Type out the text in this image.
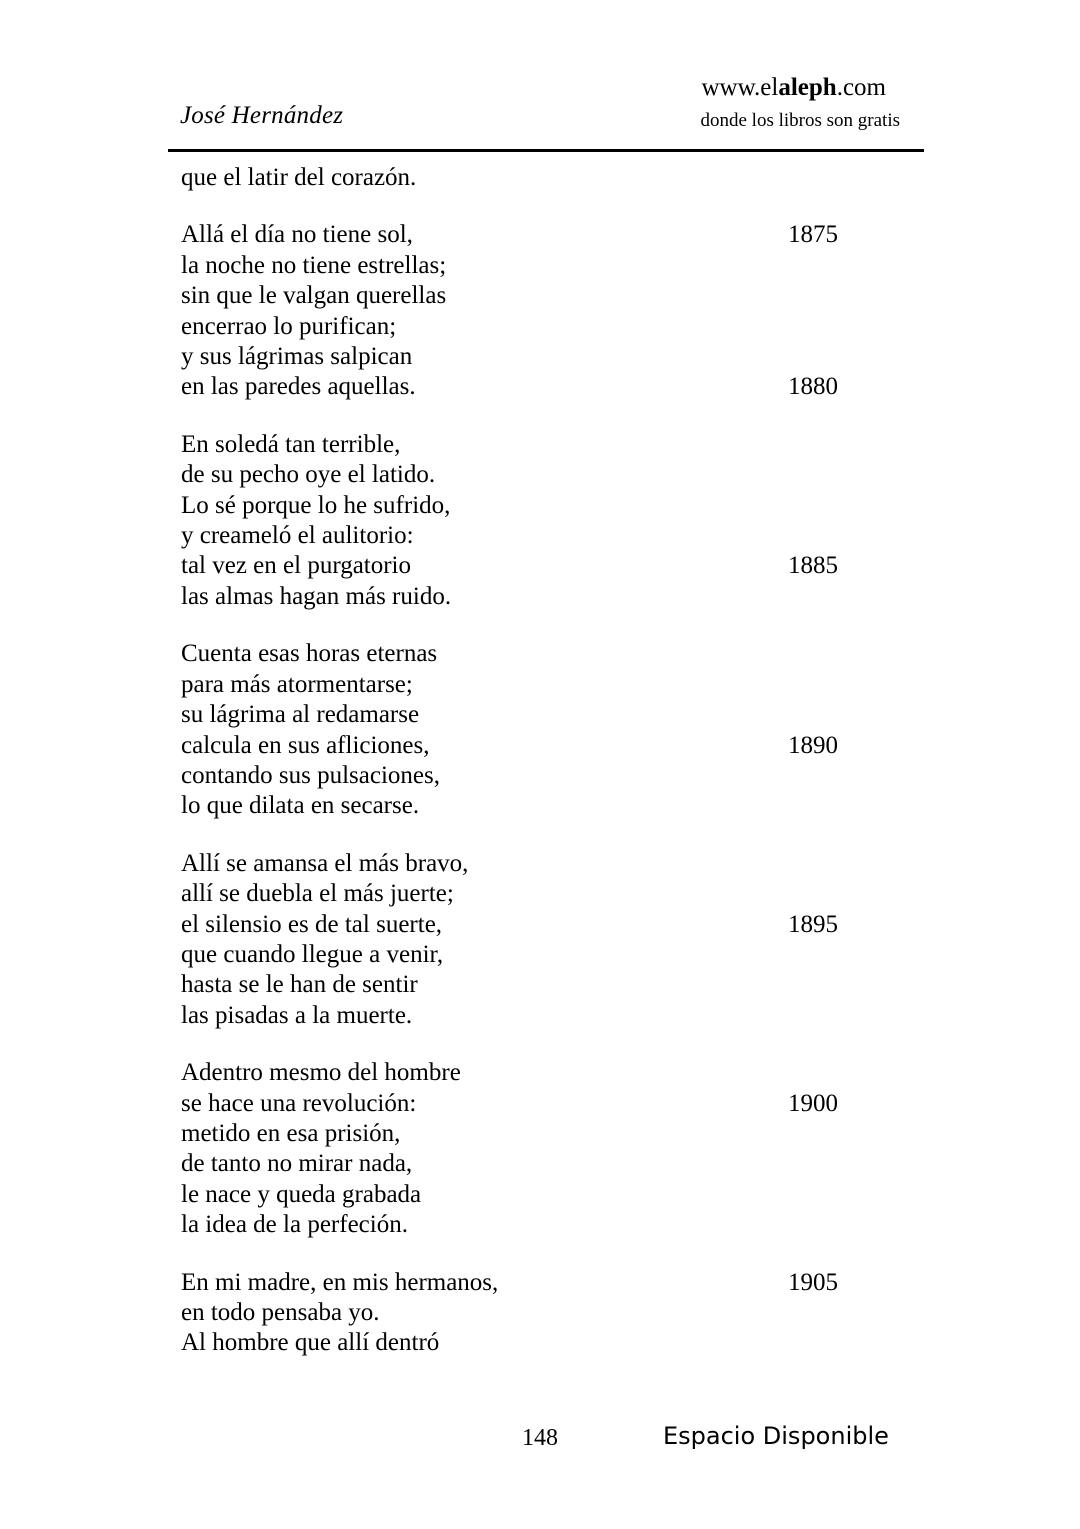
José Hernández
www.elaleph.com
donde los libros son gratis
que el latir del corazón.
Allá el día no tiene sol,	1875
la noche no tiene estrellas;
sin que le valgan querellas
encerrao lo purifican;
y sus lágrimas salpican
en las paredes aquellas.	1880
En soledá tan terrible,
de su pecho oye el latido.
Lo sé porque lo he sufrido,
y creameló el aulitorio:
tal vez en el purgatorio	1885
las almas hagan más ruido.
Cuenta esas horas eternas
para más atormentarse;
su lágrima al redamarse
calcula en sus afliciones,	1890
contando sus pulsaciones,
lo que dilata en secarse.
Allí se amansa el más bravo,
allí se duebla el más juerte;
el silensio es de tal suerte,	1895
que cuando llegue a venir,
hasta se le han de sentir
las pisadas a la muerte.
Adentro mesmo del hombre
se hace una revolución:	1900
metido en esa prisión,
de tanto no mirar nada,
le nace y queda grabada
la idea de la perfeción.
En mi madre, en mis hermanos,	1905
en todo pensaba yo.
Al hombre que allí dentró
148	Espacio Disponible
